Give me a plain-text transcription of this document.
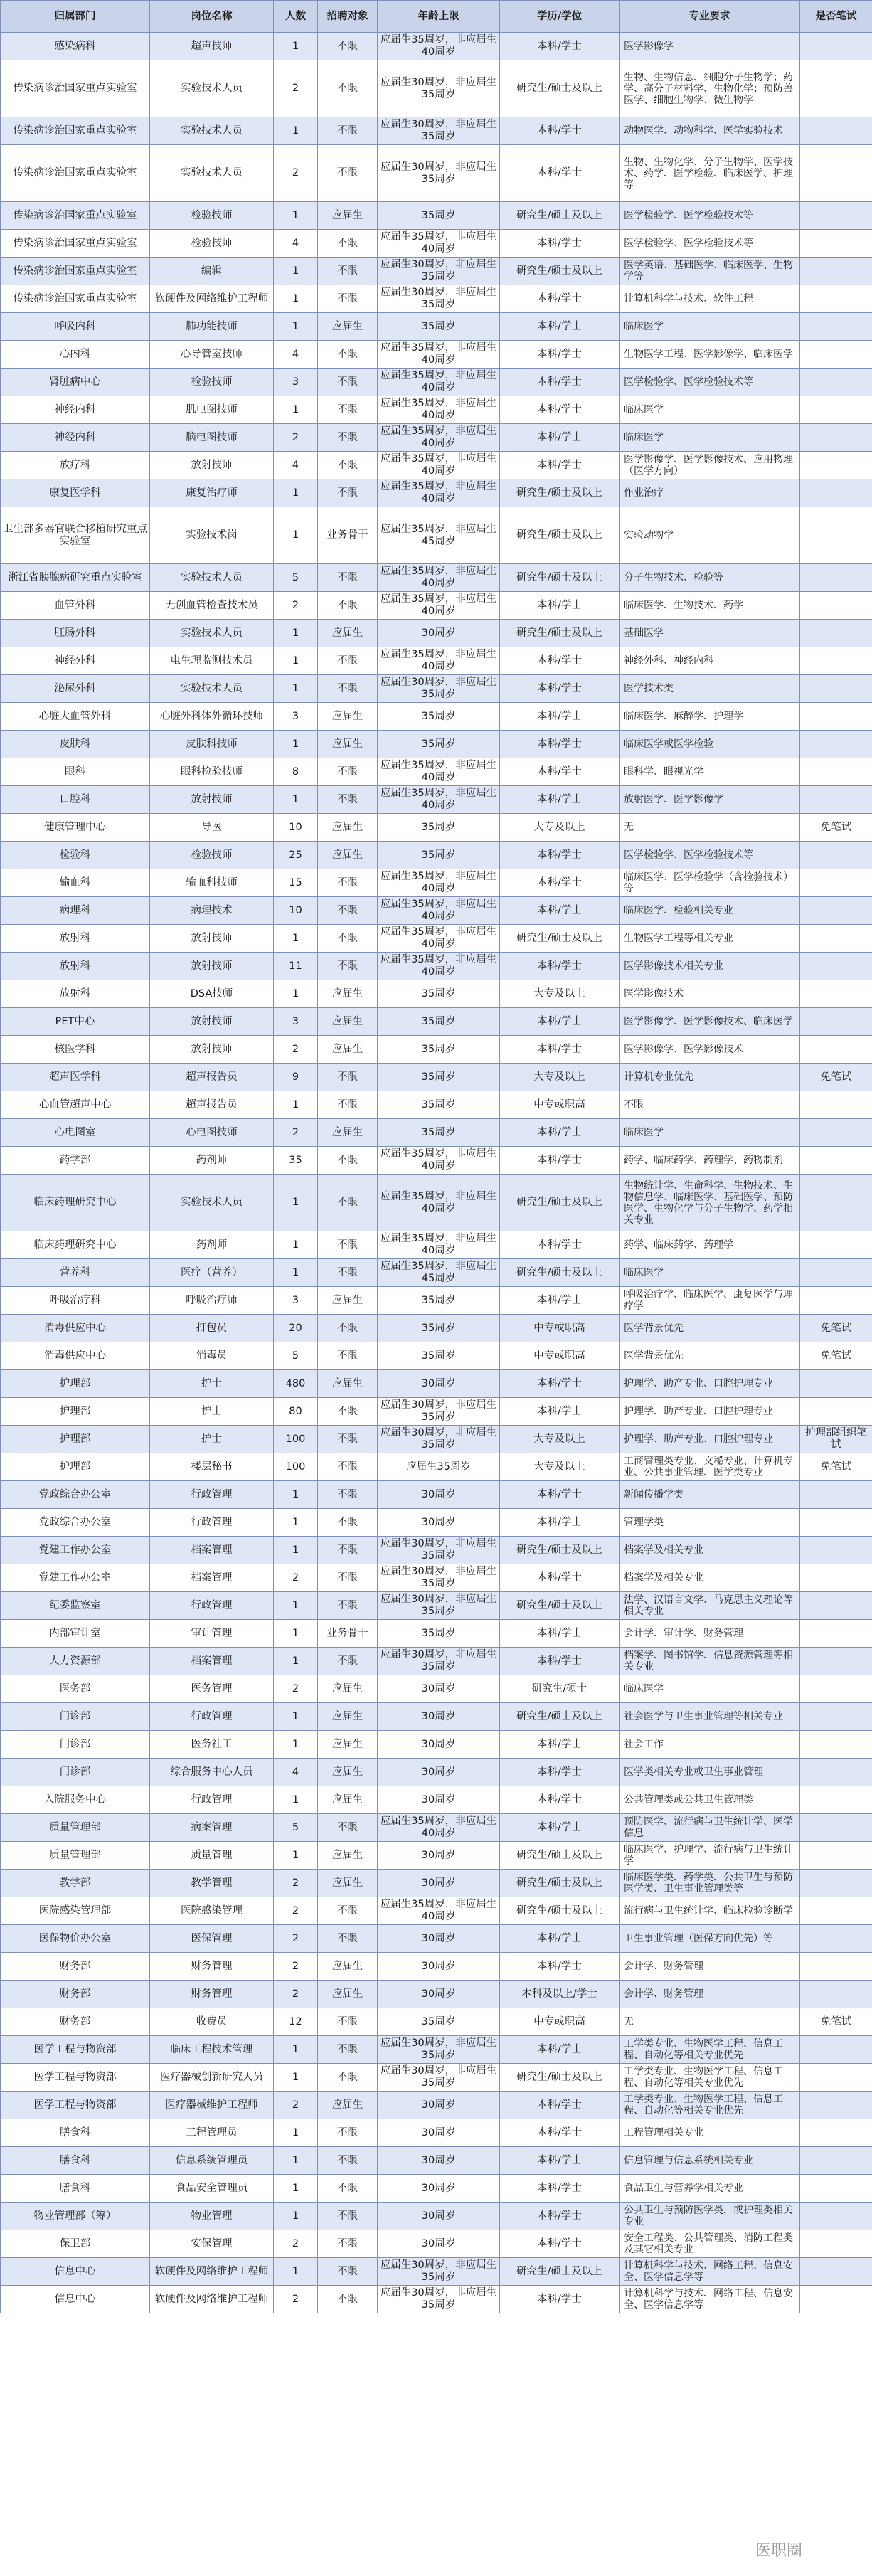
归属部门	岗位名称	人数	招聘对象	年龄上限	学历/学位	专业要求	是否笔试
感染病科	超声技师	1	不限	应届生35周岁，非应届生40周岁	本科/学士	医学影像学	
传染病诊治国家重点实验室	实验技术人员	2	不限	应届生30周岁，非应届生35周岁	研究生/硕士及以上	生物、生物信息、细胞分子生物学；药学、高分子材料学、生物化学；预防兽医学、细胞生物学、微生物学	
传染病诊治国家重点实验室	实验技术人员	1	不限	应届生30周岁，非应届生35周岁	本科/学士	动物医学、动物科学、医学实验技术	
传染病诊治国家重点实验室	实验技术人员	2	不限	应届生30周岁，非应届生35周岁	本科/学士	生物、生物化学、分子生物学、医学技术、药学、医学检验、临床医学、护理等	
传染病诊治国家重点实验室	检验技师	1	应届生	35周岁	研究生/硕士及以上	医学检验学、医学检验技术等	
传染病诊治国家重点实验室	检验技师	4	不限	应届生35周岁，非应届生40周岁	本科/学士	医学检验学、医学检验技术等	
传染病诊治国家重点实验室	编辑	1	不限	应届生30周岁，非应届生35周岁	研究生/硕士及以上	医学英语、基础医学、临床医学、生物学等	
传染病诊治国家重点实验室	软硬件及网络维护工程师	1	不限	应届生30周岁，非应届生35周岁	本科/学士	计算机科学与技术、软件工程	
呼吸内科	肺功能技师	1	应届生	35周岁	本科/学士	临床医学	
心内科	心导管室技师	4	不限	应届生35周岁，非应届生40周岁	本科/学士	生物医学工程、医学影像学、临床医学	
肾脏病中心	检验技师	3	不限	应届生35周岁，非应届生40周岁	本科/学士	医学检验学、医学检验技术等	
神经内科	肌电图技师	1	不限	应届生35周岁，非应届生40周岁	本科/学士	临床医学	
神经内科	脑电图技师	2	不限	应届生35周岁，非应届生40周岁	本科/学士	临床医学	
放疗科	放射技师	4	不限	应届生35周岁，非应届生40周岁	本科/学士	医学影像学、医学影像技术、应用物理（医学方向）	
康复医学科	康复治疗师	1	不限	应届生35周岁，非应届生40周岁	研究生/硕士及以上	作业治疗	
卫生部多器官联合移植研究重点实验室	实验技术岗	1	业务骨干	应届生35周岁，非应届生45周岁	研究生/硕士及以上	实验动物学	
浙江省胰腺病研究重点实验室	实验技术人员	5	不限	应届生35周岁，非应届生40周岁	研究生/硕士及以上	分子生物技术、检验等	
血管外科	无创血管检查技术员	2	不限	应届生35周岁，非应届生40周岁	本科/学士	临床医学、生物技术、药学	
肛肠外科	实验技术人员	1	应届生	30周岁	研究生/硕士及以上	基础医学	
神经外科	电生理监测技术员	1	不限	应届生35周岁，非应届生40周岁	本科/学士	神经外科、神经内科	
泌尿外科	实验技术人员	1	不限	应届生30周岁，非应届生35周岁	本科/学士	医学技术类	
心脏大血管外科	心脏外科体外循环技师	3	应届生	35周岁	本科/学士	临床医学、麻醉学、护理学	
皮肤科	皮肤科技师	1	应届生	35周岁	本科/学士	临床医学或医学检验	
眼科	眼科检验技师	8	不限	应届生35周岁，非应届生40周岁	本科/学士	眼科学、眼视光学	
口腔科	放射技师	1	不限	应届生35周岁，非应届生40周岁	本科/学士	放射医学、医学影像学	
健康管理中心	导医	10	应届生	35周岁	大专及以上	无	免笔试
检验科	检验技师	25	应届生	35周岁	本科/学士	医学检验学、医学检验技术等	
输血科	输血科技师	15	不限	应届生35周岁，非应届生40周岁	本科/学士	临床医学、医学检验学（含检验技术）等	
病理科	病理技术	10	不限	应届生35周岁，非应届生40周岁	本科/学士	临床医学、检验相关专业	
放射科	放射技师	1	不限	应届生35周岁，非应届生40周岁	研究生/硕士及以上	生物医学工程等相关专业	
放射科	放射技师	11	不限	应届生35周岁，非应届生40周岁	本科/学士	医学影像技术相关专业	
放射科	DSA技师	1	应届生	35周岁	大专及以上	医学影像技术	
PET中心	放射技师	3	应届生	35周岁	本科/学士	医学影像学、医学影像技术、临床医学	
核医学科	放射技师	2	应届生	35周岁	本科/学士	医学影像学、医学影像技术	
超声医学科	超声报告员	9	不限	35周岁	大专及以上	计算机专业优先	免笔试
心血管超声中心	超声报告员	1	不限	35周岁	中专或职高	不限	
心电图室	心电图技师	2	应届生	35周岁	本科/学士	临床医学	
药学部	药剂师	35	不限	应届生35周岁，非应届生40周岁	本科/学士	药学、临床药学、药理学、药物制剂	
临床药理研究中心	实验技术人员	1	不限	应届生35周岁，非应届生40周岁	研究生/硕士及以上	生物统计学、生命科学、生物技术、生物信息学、临床医学、基础医学、预防医学、生物化学与分子生物学、药学相关专业	
临床药理研究中心	药剂师	1	不限	应届生35周岁，非应届生40周岁	本科/学士	药学、临床药学、药理学	
营养科	医疗（营养）	1	不限	应届生35周岁，非应届生45周岁	研究生/硕士及以上	临床医学	
呼吸治疗科	呼吸治疗师	3	应届生	35周岁	本科/学士	呼吸治疗学、临床医学、康复医学与理疗学	
消毒供应中心	打包员	20	不限	35周岁	中专或职高	医学背景优先	免笔试
消毒供应中心	消毒员	5	不限	35周岁	中专或职高	医学背景优先	免笔试
护理部	护士	480	应届生	30周岁	本科/学士	护理学、助产专业、口腔护理专业	
护理部	护士	80	不限	应届生30周岁，非应届生35周岁	本科/学士	护理学、助产专业、口腔护理专业	
护理部	护士	100	不限	应届生30周岁，非应届生35周岁	大专及以上	护理学、助产专业、口腔护理专业	护理部组织笔试
护理部	楼层秘书	100	不限	应届生35周岁	大专及以上	工商管理类专业、文秘专业、计算机专业、公共事业管理、医学类专业	免笔试
党政综合办公室	行政管理	1	不限	30周岁	本科/学士	新闻传播学类	
党政综合办公室	行政管理	1	不限	30周岁	本科/学士	管理学类	
党建工作办公室	档案管理	1	不限	应届生30周岁，非应届生35周岁	研究生/硕士及以上	档案学及相关专业	
党建工作办公室	档案管理	2	不限	应届生30周岁，非应届生35周岁	本科/学士	档案学及相关专业	
纪委监察室	行政管理	1	不限	应届生30周岁，非应届生35周岁	研究生/硕士及以上	法学、汉语言文学、马克思主义理论等相关专业	
内部审计室	审计管理	1	业务骨干	35周岁	本科/学士	会计学、审计学、财务管理	
人力资源部	档案管理	1	不限	应届生30周岁，非应届生35周岁	本科/学士	档案学、图书馆学、信息资源管理等相关专业	
医务部	医务管理	2	应届生	30周岁	研究生/硕士	临床医学	
门诊部	行政管理	1	应届生	30周岁	研究生/硕士及以上	社会医学与卫生事业管理等相关专业	
门诊部	医务社工	1	应届生	30周岁	本科/学士	社会工作	
门诊部	综合服务中心人员	4	应届生	30周岁	本科/学士	医学类相关专业或卫生事业管理	
入院服务中心	行政管理	1	应届生	30周岁	本科/学士	公共管理类或公共卫生管理类	
质量管理部	病案管理	5	不限	应届生35周岁，非应届生40周岁	本科/学士	预防医学、流行病与卫生统计学、医学信息	
质量管理部	质量管理	1	应届生	30周岁	研究生/硕士及以上	临床医学、护理学、流行病与卫生统计学	
教学部	教学管理	2	应届生	30周岁	研究生/硕士及以上	临床医学类、药学类、公共卫生与预防医学类、卫生事业管理类等	
医院感染管理部	医院感染管理	2	不限	应届生35周岁，非应届生40周岁	研究生/硕士及以上	流行病与卫生统计学、临床检验诊断学	
医保物价办公室	医保管理	2	不限	30周岁	本科/学士	卫生事业管理（医保方向优先）等	
财务部	财务管理	2	应届生	30周岁	本科/学士	会计学、财务管理	
财务部	财务管理	2	应届生	30周岁	本科及以上/学士	会计学、财务管理	
财务部	收费员	12	不限	35周岁	中专或职高	无	免笔试
医学工程与物资部	临床工程技术管理	1	不限	应届生30周岁，非应届生35周岁	本科/学士	工学类专业、生物医学工程、信息工程、自动化等相关专业优先	
医学工程与物资部	医疗器械创新研究人员	1	不限	应届生30周岁，非应届生35周岁	研究生/硕士及以上	工学类专业、生物医学工程、信息工程、自动化等相关专业优先	
医学工程与物资部	医疗器械维护工程师	2	应届生	30周岁	本科/学士	工学类专业、生物医学工程、信息工程、自动化等相关专业优先	
膳食科	工程管理员	1	不限	30周岁	本科/学士	工程管理相关专业	
膳食科	信息系统管理员	1	不限	30周岁	本科/学士	信息管理与信息系统相关专业	
膳食科	食品安全管理员	1	不限	30周岁	本科/学士	食品卫生与营养学相关专业	
物业管理部（筹）	物业管理	1	不限	30周岁	本科/学士	公共卫生与预防医学类，或护理类相关专业	
保卫部	安保管理	2	不限	30周岁	本科/学士	安全工程类、公共管理类、消防工程类及其它相关专业	
信息中心	软硬件及网络维护工程师	1	不限	应届生30周岁，非应届生35周岁	研究生/硕士及以上	计算机科学与技术、网络工程、信息安全、医学信息学等	
信息中心	软硬件及网络维护工程师	2	不限	应届生30周岁，非应届生35周岁	本科/学士	计算机科学与技术、网络工程、信息安全、医学信息学等	
医职圈
